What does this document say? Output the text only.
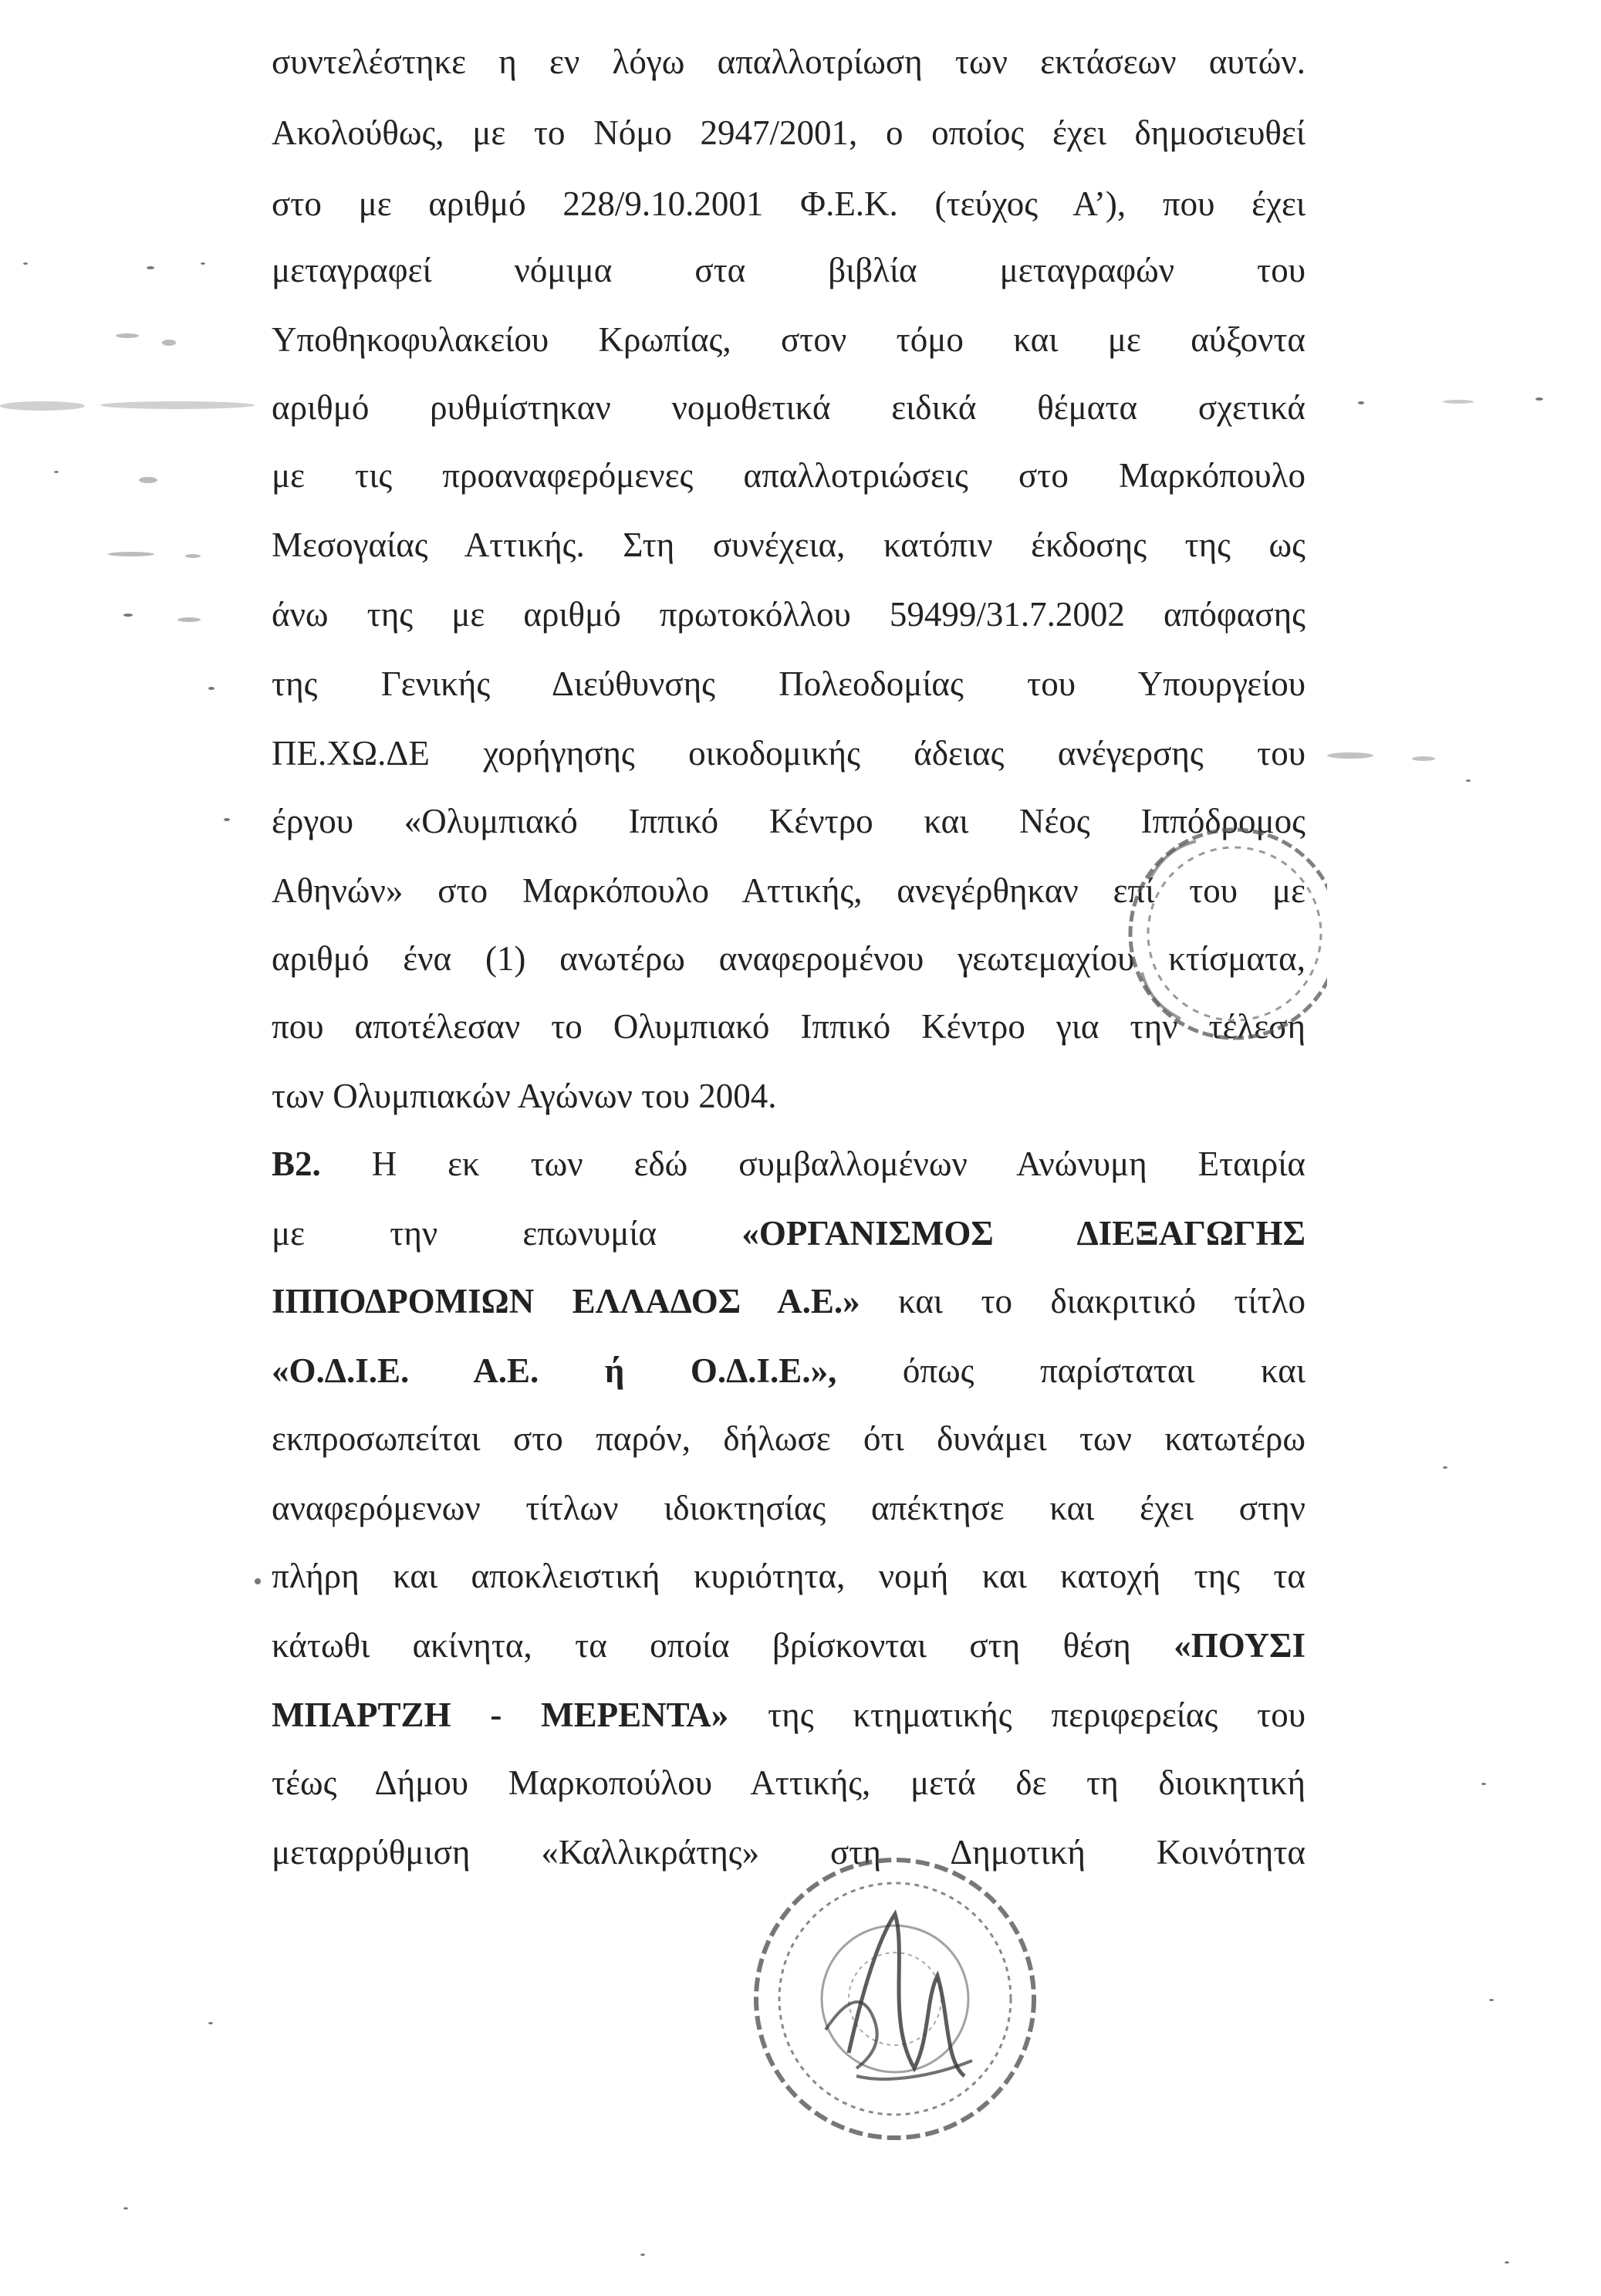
συντελέστηκε η εν λόγω απαλλοτρίωση των εκτάσεων αυτών.
Ακολούθως, με το Νόμο 2947/2001, ο οποίος έχει δημοσιευθεί
στο με αριθμό 228/9.10.2001 Φ.Ε.Κ. (τεύχος Α’), που έχει
μεταγραφεί νόμιμα στα βιβλία μεταγραφών του
Υποθηκοφυλακείου Κρωπίας, στον τόμο και με αύξοντα
αριθμό ρυθμίστηκαν νομοθετικά ειδικά θέματα σχετικά
με τις προαναφερόμενες απαλλοτριώσεις στο Μαρκόπουλο
Μεσογαίας Αττικής. Στη συνέχεια, κατόπιν έκδοσης της ως
άνω της με αριθμό πρωτοκόλλου 59499/31.7.2002 απόφασης
της Γενικής Διεύθυνσης Πολεοδομίας του Υπουργείου
ΠΕ.ΧΩ.ΔΕ χορήγησης οικοδομικής άδειας ανέγερσης του
έργου «Ολυμπιακό Ιππικό Κέντρο και Νέος Ιππόδρομος
Αθηνών» στο Μαρκόπουλο Αττικής, ανεγέρθηκαν επί του με
αριθμό ένα (1) ανωτέρω αναφερομένου γεωτεμαχίου κτίσματα,
που αποτέλεσαν το Ολυμπιακό Ιππικό Κέντρο για την τέλεση
των Ολυμπιακών Αγώνων του 2004.
Β2. Η εκ των εδώ συμβαλλομένων Ανώνυμη Εταιρία
με την επωνυμία «ΟΡΓΑΝΙΣΜΟΣ ΔΙΕΞΑΓΩΓΗΣ
ΙΠΠΟΔΡΟΜΙΩΝ ΕΛΛΑΔΟΣ Α.Ε.» και το διακριτικό τίτλο
«Ο.Δ.Ι.Ε. Α.Ε. ή Ο.Δ.Ι.Ε.», όπως παρίσταται και
εκπροσωπείται στο παρόν, δήλωσε ότι δυνάμει των κατωτέρω
αναφερόμενων τίτλων ιδιοκτησίας απέκτησε και έχει στην
πλήρη και αποκλειστική κυριότητα, νομή και κατοχή της τα
κάτωθι ακίνητα, τα οποία βρίσκονται στη θέση «ΠΟΥΣΙ
ΜΠΑΡΤΖΗ - ΜΕΡΕΝΤΑ» της κτηματικής περιφερείας του
τέως Δήμου Μαρκοπούλου Αττικής, μετά δε τη διοικητική
μεταρρύθμιση «Καλλικράτης» στη Δημοτική Κοινότητα
